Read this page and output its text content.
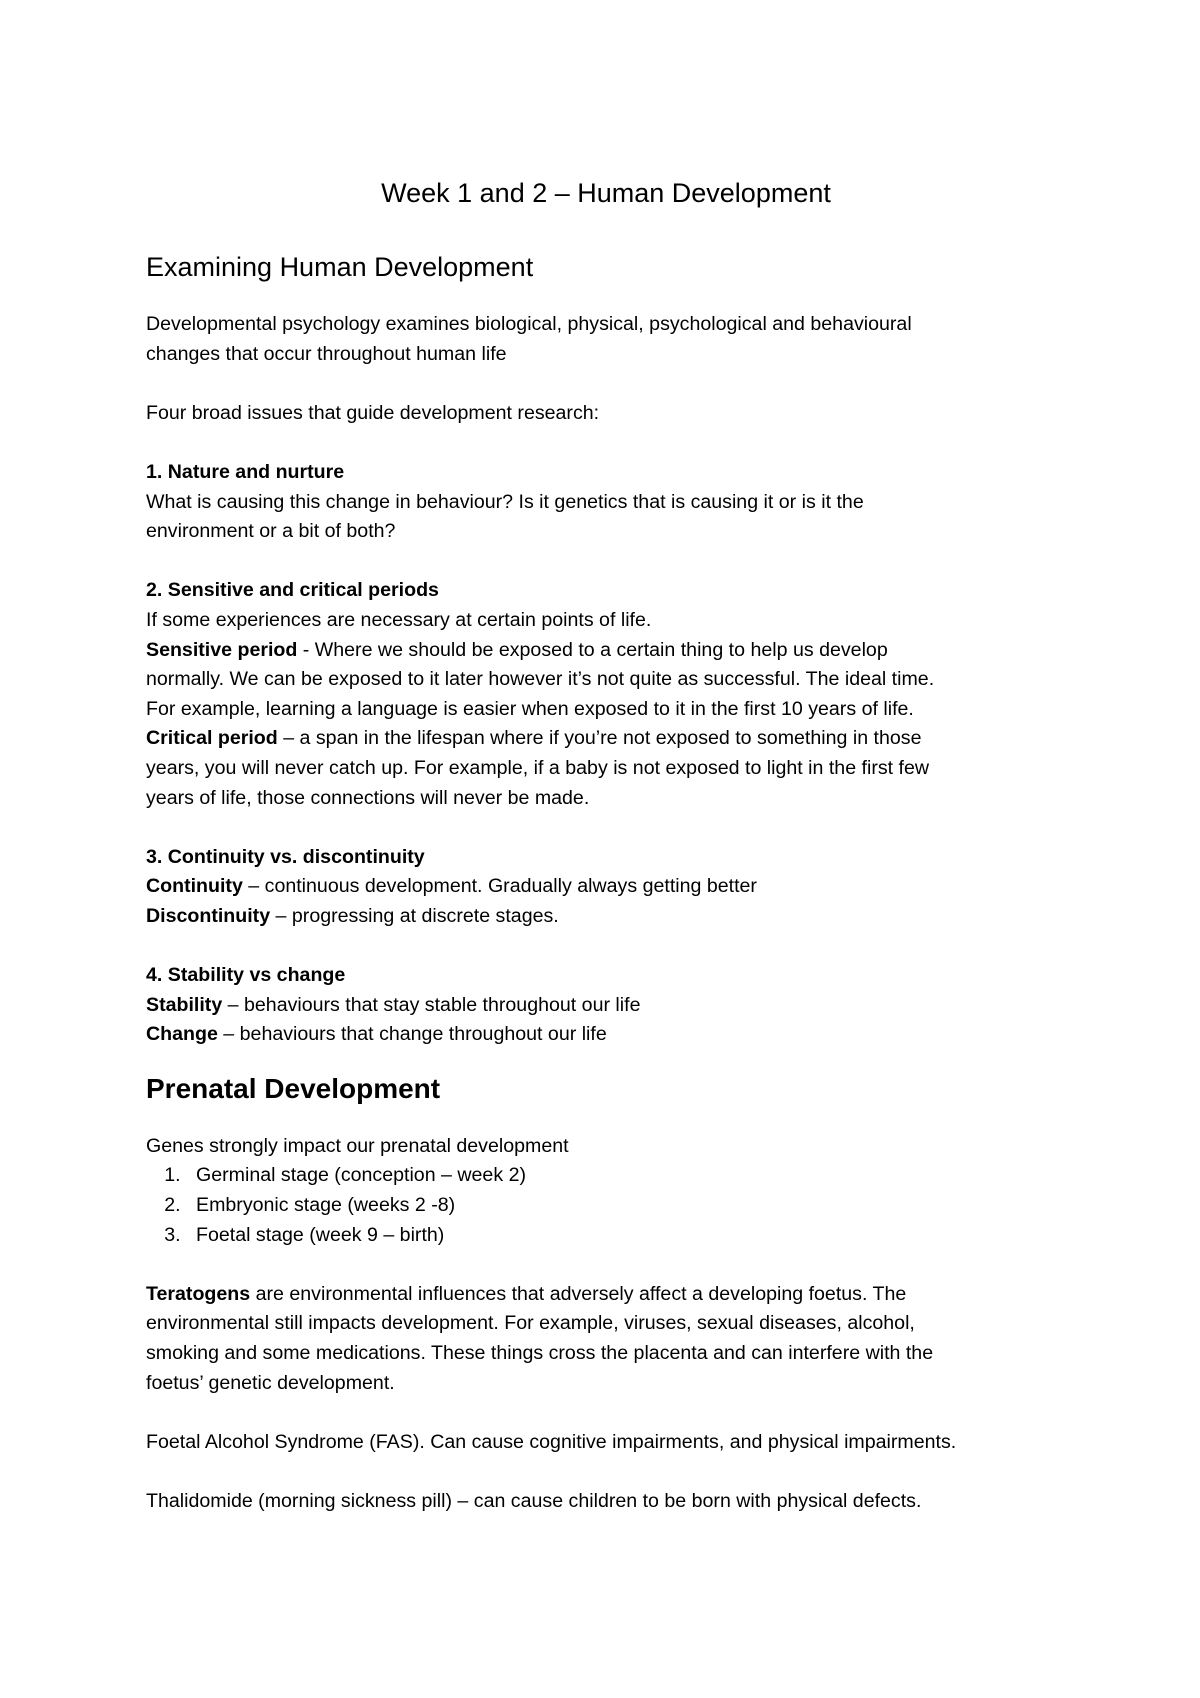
Week 1 and 2 – Human Development
Examining Human Development

Developmental psychology examines biological, physical, psychological and behavioural
changes that occur throughout human life

Four broad issues that guide development research:

1. Nature and nurture

What is causing this change in behaviour? Is it genetics that is causing it or is it the
environment or a bit of both?

2. Sensitive and critical periods

If some experiences are necessary at certain points of life.

Sensitive period - Where we should be exposed to a certain thing to help us develop
normally. We can be exposed to it later however it’s not quite as successful. The ideal time.
For example, learning a language is easier when exposed to it in the first 10 years of life.

Critical period – a span in the lifespan where if you’re not exposed to something in those
years, you will never catch up. For example, if a baby is not exposed to light in the first few
years of life, those connections will never be made.

3. Continuity vs. discontinuity

Continuity – continuous development. Gradually always getting better

Discontinuity – progressing at discrete stages.

4. Stability vs change

Stability – behaviours that stay stable throughout our life

Change – behaviours that change throughout our life

Prenatal Development

Genes strongly impact our prenatal development

1. Germinal stage (conception – week 2)
2. Embryonic stage (weeks 2 -8)
3. Foetal stage (week 9 – birth)

Teratogens are environmental influences that adversely affect a developing foetus. The
environmental still impacts development. For example, viruses, sexual diseases, alcohol,
smoking and some medications. These things cross the placenta and can interfere with the
foetus’ genetic development.

Foetal Alcohol Syndrome (FAS). Can cause cognitive impairments, and physical impairments.

Thalidomide (morning sickness pill) – can cause children to be born with physical defects.
